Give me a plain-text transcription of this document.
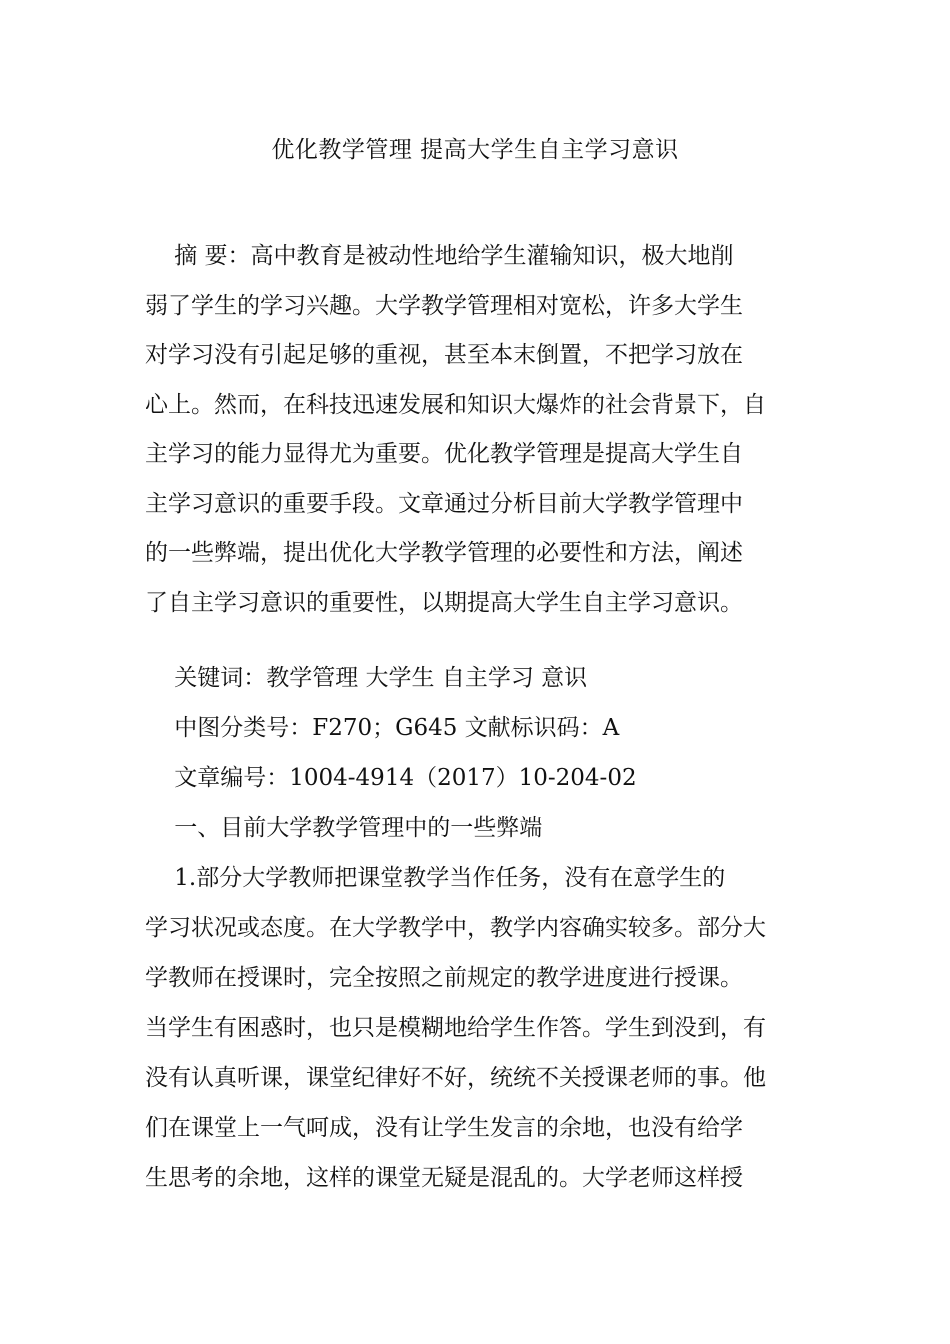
优化教学管理 提高大学生自主学习意识
摘 要：高中教育是被动性地给学生灌输知识，极大地削
弱了学生的学习兴趣。大学教学管理相对宽松，许多大学生
对学习没有引起足够的重视，甚至本末倒置，不把学习放在
心上。然而，在科技迅速发展和知识大爆炸的社会背景下，自
主学习的能力显得尤为重要。优化教学管理是提高大学生自
主学习意识的重要手段。文章通过分析目前大学教学管理中
的一些弊端，提出优化大学教学管理的必要性和方法，阐述
了自主学习意识的重要性，以期提高大学生自主学习意识。
关键词：教学管理 大学生 自主学习 意识
中图分类号：F270；G645 文献标识码：A
文章编号：1004-4914（2017）10-204-02
一、目前大学教学管理中的一些弊端
1.部分大学教师把课堂教学当作任务，没有在意学生的
学习状况或态度。在大学教学中，教学内容确实较多。部分大
学教师在授课时，完全按照之前规定的教学进度进行授课。
当学生有困惑时，也只是模糊地给学生作答。学生到没到，有
没有认真听课，课堂纪律好不好，统统不关授课老师的事。他
们在课堂上一气呵成，没有让学生发言的余地，也没有给学
生思考的余地，这样的课堂无疑是混乱的。大学老师这样授
